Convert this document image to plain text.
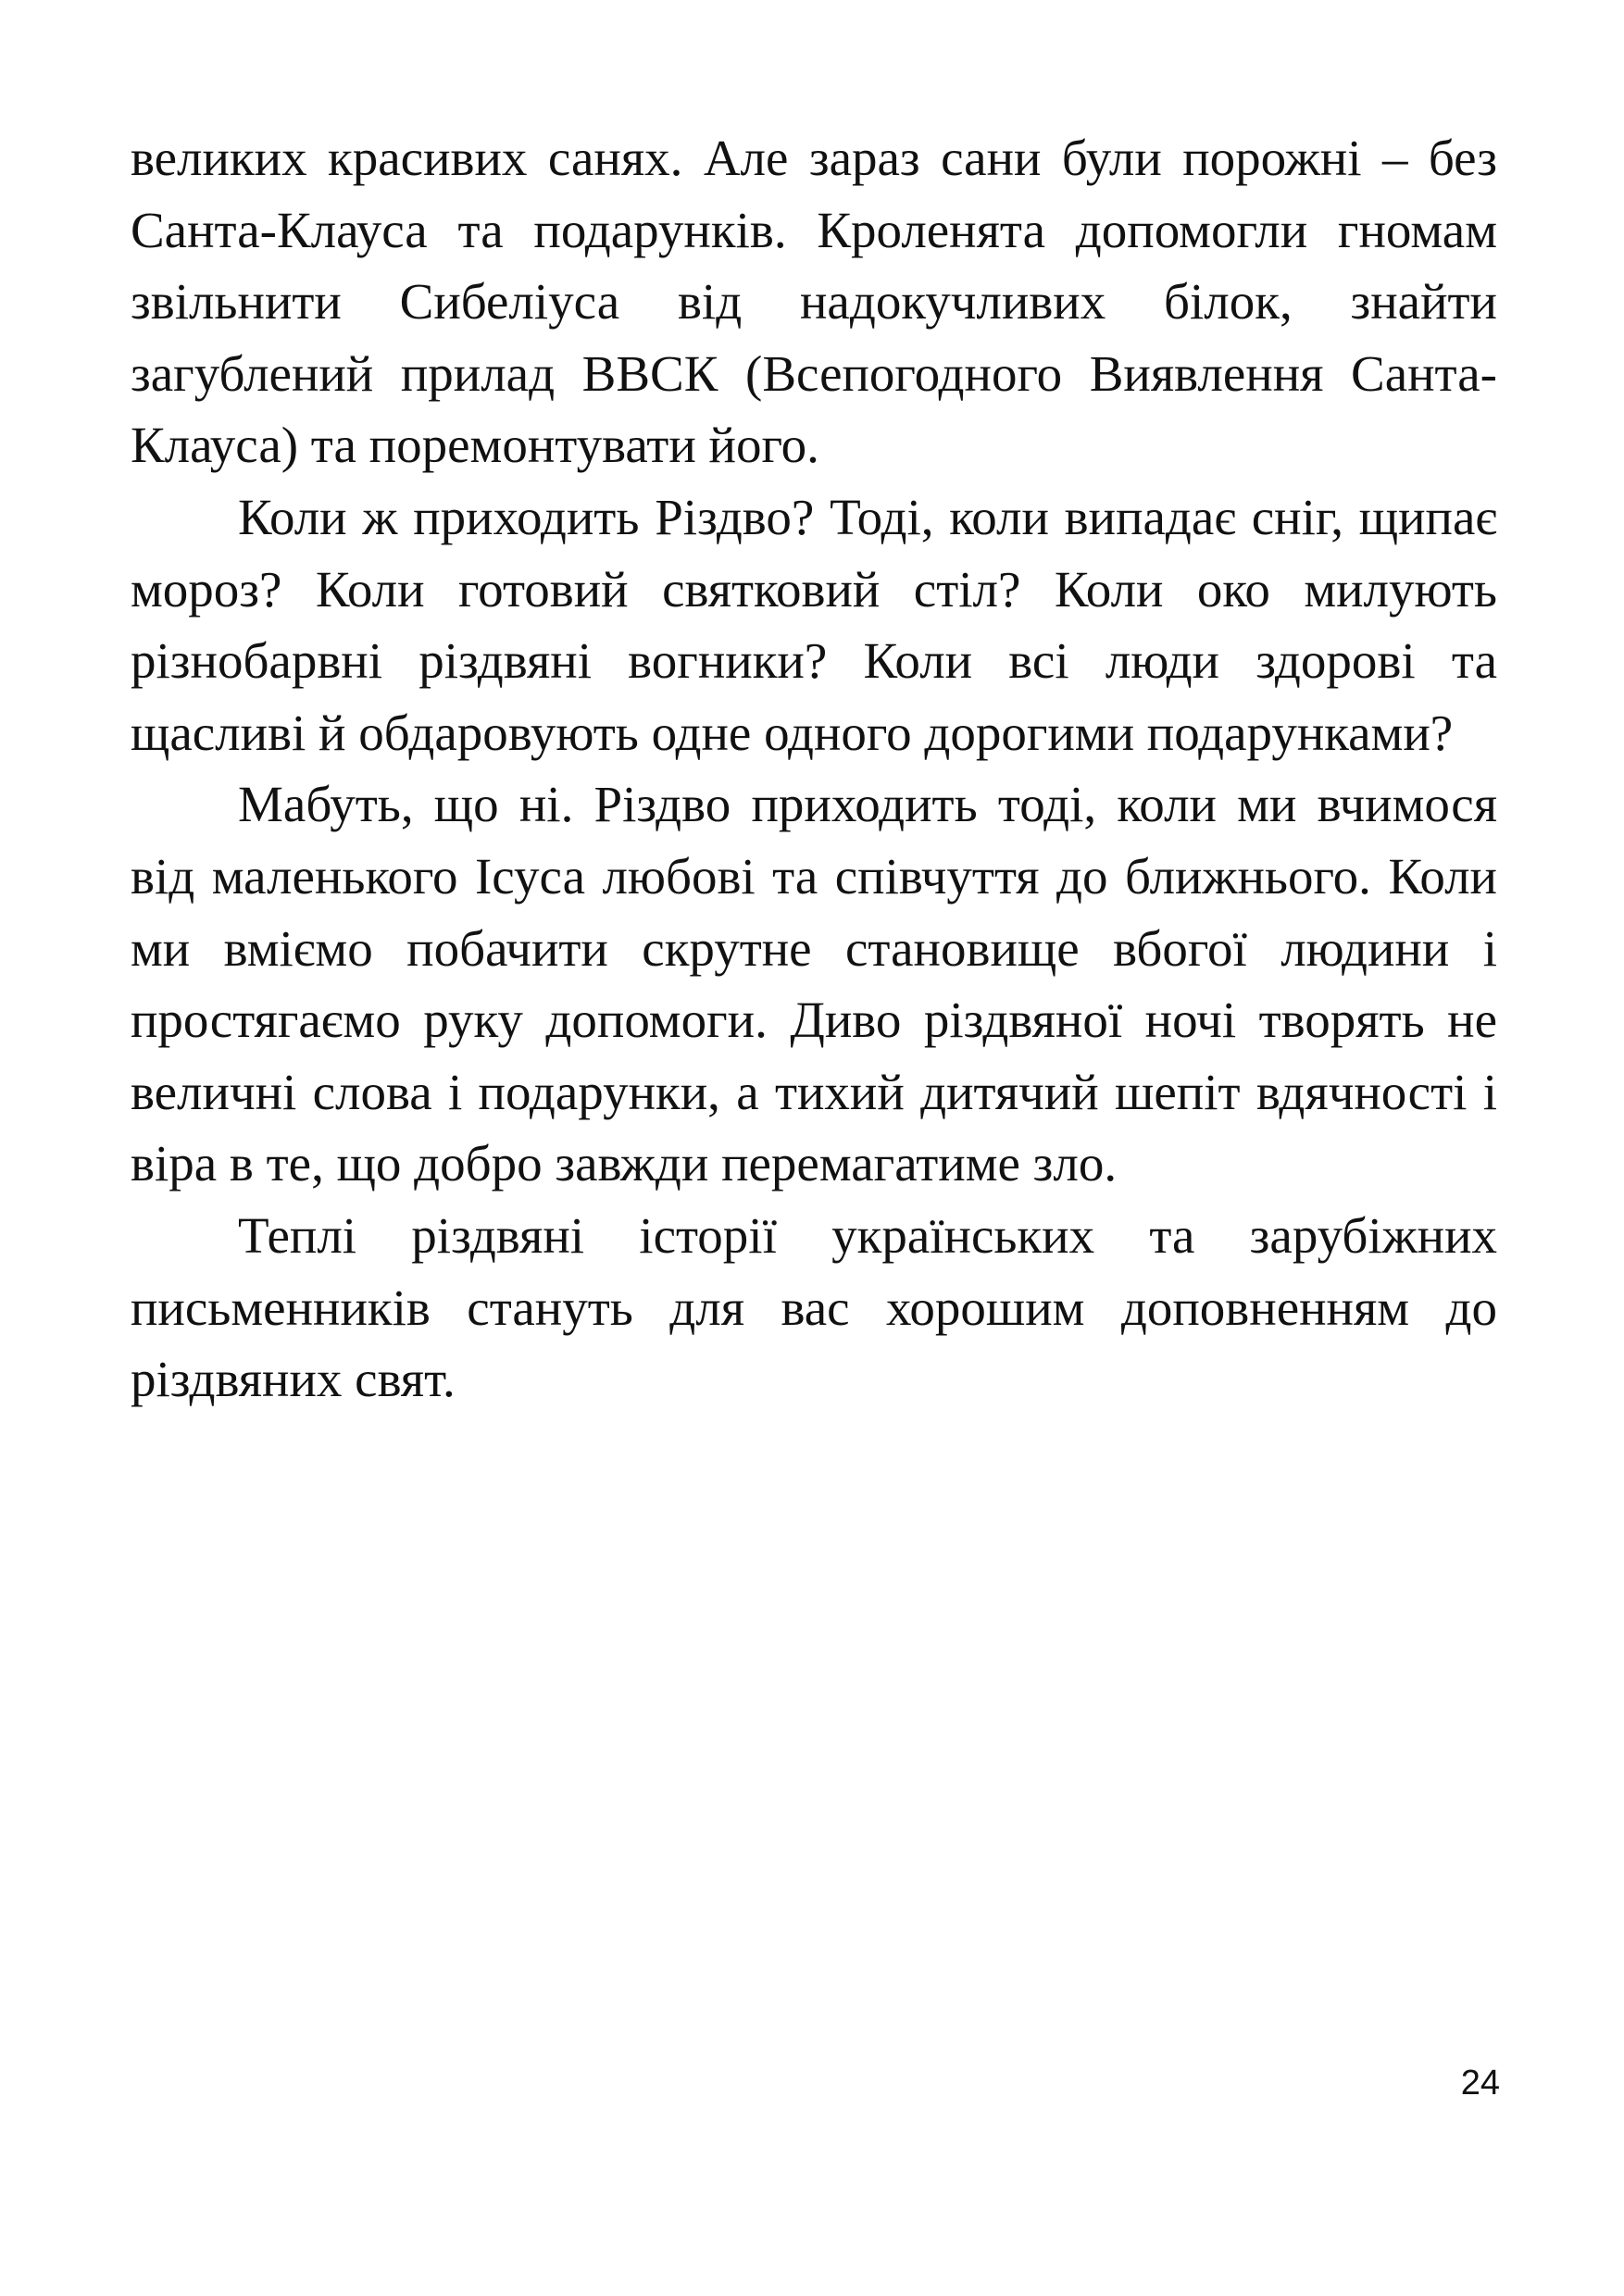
великих красивих санях. Але зараз сани були порожні – без Санта-Клауса та подарунків. Кроленята допомогли гномам звільнити Сибеліуса від надокучливих білок, знайти загублений прилад ВВСК (Всепогодного Виявлення Санта-Клауса) та поремонтувати його.

Коли ж приходить Різдво? Тоді, коли випадає сніг, щипає мороз? Коли готовий святковий стіл? Коли око милують різнобарвні різдвяні вогники? Коли всі люди здорові та щасливі й обдаровують одне одного дорогими подарунками?

Мабуть, що ні. Різдво приходить тоді, коли ми вчимося від маленького Ісуса любові та співчуття до ближнього. Коли ми вміємо побачити скрутне становище вбогої людини і простягаємо руку допомоги. Диво різдвяної ночі творять не величні слова і подарунки, а тихий дитячий шепіт вдячності і віра в те, що добро завжди перемагатиме зло.

Теплі різдвяні історії українських та зарубіжних письменників стануть для вас хорошим доповненням до різдвяних свят.

24
